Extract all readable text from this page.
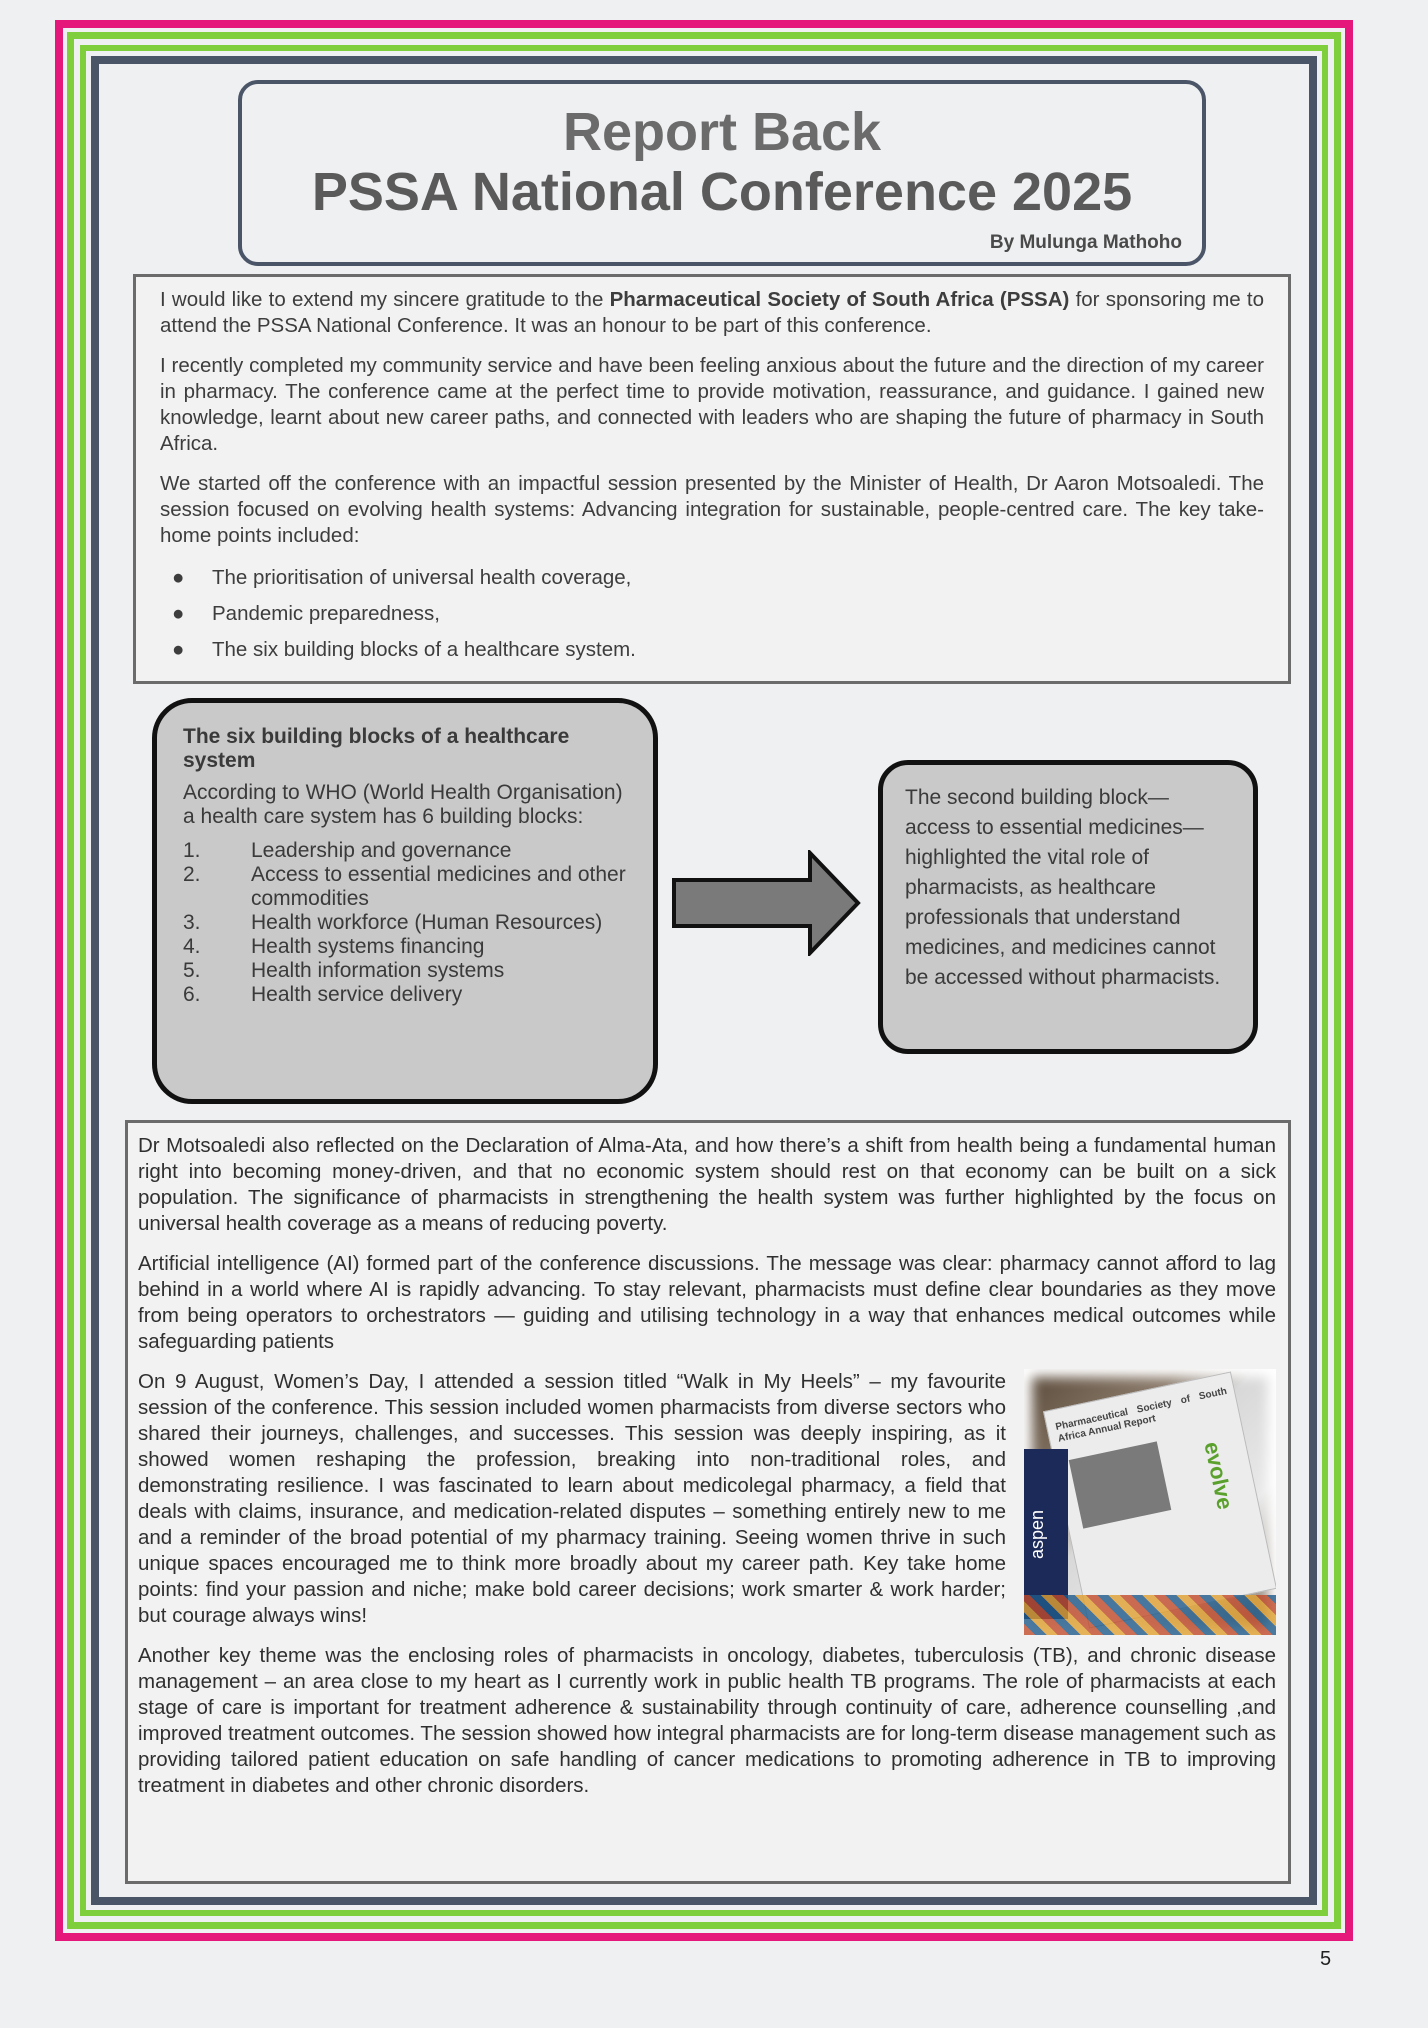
Report Back
PSSA National Conference 2025
By Mulunga Mathoho

I would like to extend my sincere gratitude to the Pharmaceutical Society of South Africa (PSSA) for sponsoring me to attend the PSSA National Conference. It was an honour to be part of this conference.

I recently completed my community service and have been feeling anxious about the future and the direction of my career in pharmacy. The conference came at the perfect time to provide motivation, reassurance, and guidance. I gained new knowledge, learnt about new career paths, and connected with leaders who are shaping the future of pharmacy in South Africa.

We started off the conference with an impactful session presented by the Minister of Health, Dr Aaron Motsoaledi. The session focused on evolving health systems: Advancing integration for sustainable, people-centred care. The key take-home points included:

● The prioritisation of universal health coverage,
● Pandemic preparedness,
● The six building blocks of a healthcare system.
The six building blocks of a healthcare system
According to WHO (World Health Organisation) a health care system has 6 building blocks:
1.	Leadership and governance
2.	Access to essential medicines and other commodities
3.	Health workforce (Human Resources)
4.	Health systems financing
5.	Health information systems
6.	Health service delivery
The second building block—access to essential medicines—highlighted the vital role of pharmacists, as healthcare professionals that understand medicines, and medicines cannot be accessed without pharmacists.

Dr Motsoaledi also reflected on the Declaration of Alma-Ata, and how there’s a shift from health being a fundamental human right into becoming money-driven, and that no economic system should rest on that economy can be built on a sick population. The significance of pharmacists in strengthening the health system was further highlighted by the focus on universal health coverage as a means of reducing poverty.

Artificial intelligence (AI) formed part of the conference discussions. The message was clear: pharmacy cannot afford to lag behind in a world where AI is rapidly advancing. To stay relevant, pharmacists must define clear boundaries as they move from being operators to orchestrators — guiding and utilising technology in a way that enhances medical outcomes while safeguarding patients

Pharmaceutical Society of South Africa Annual Report
evolve
aspen
On 9 August, Women’s Day, I attended a session titled “Walk in My Heels” – my favourite session of the conference. This session included women pharmacists from diverse sectors who shared their journeys, challenges, and successes. This session was deeply inspiring, as it showed women reshaping the profession, breaking into non-traditional roles, and demonstrating resilience. I was fascinated to learn about medicolegal pharmacy, a field that deals with claims, insurance, and medication-related disputes – something entirely new to me and a reminder of the broad potential of my pharmacy training. Seeing women thrive in such unique spaces encouraged me to think more broadly about my career path. Key take home points: find your passion and niche; make bold career decisions; work smarter & work harder; but courage always wins!

Another key theme was the enclosing roles of pharmacists in oncology, diabetes, tuberculosis (TB), and chronic disease management – an area close to my heart as I currently work in public health TB programs. The role of pharmacists at each stage of care is important for treatment adherence & sustainability through continuity of care, adherence counselling ,and improved treatment outcomes. The session showed how integral pharmacists are for long-term disease management such as providing tailored patient education on safe handling of cancer medications to promoting adherence in TB to improving treatment in diabetes and other chronic disorders.

5
